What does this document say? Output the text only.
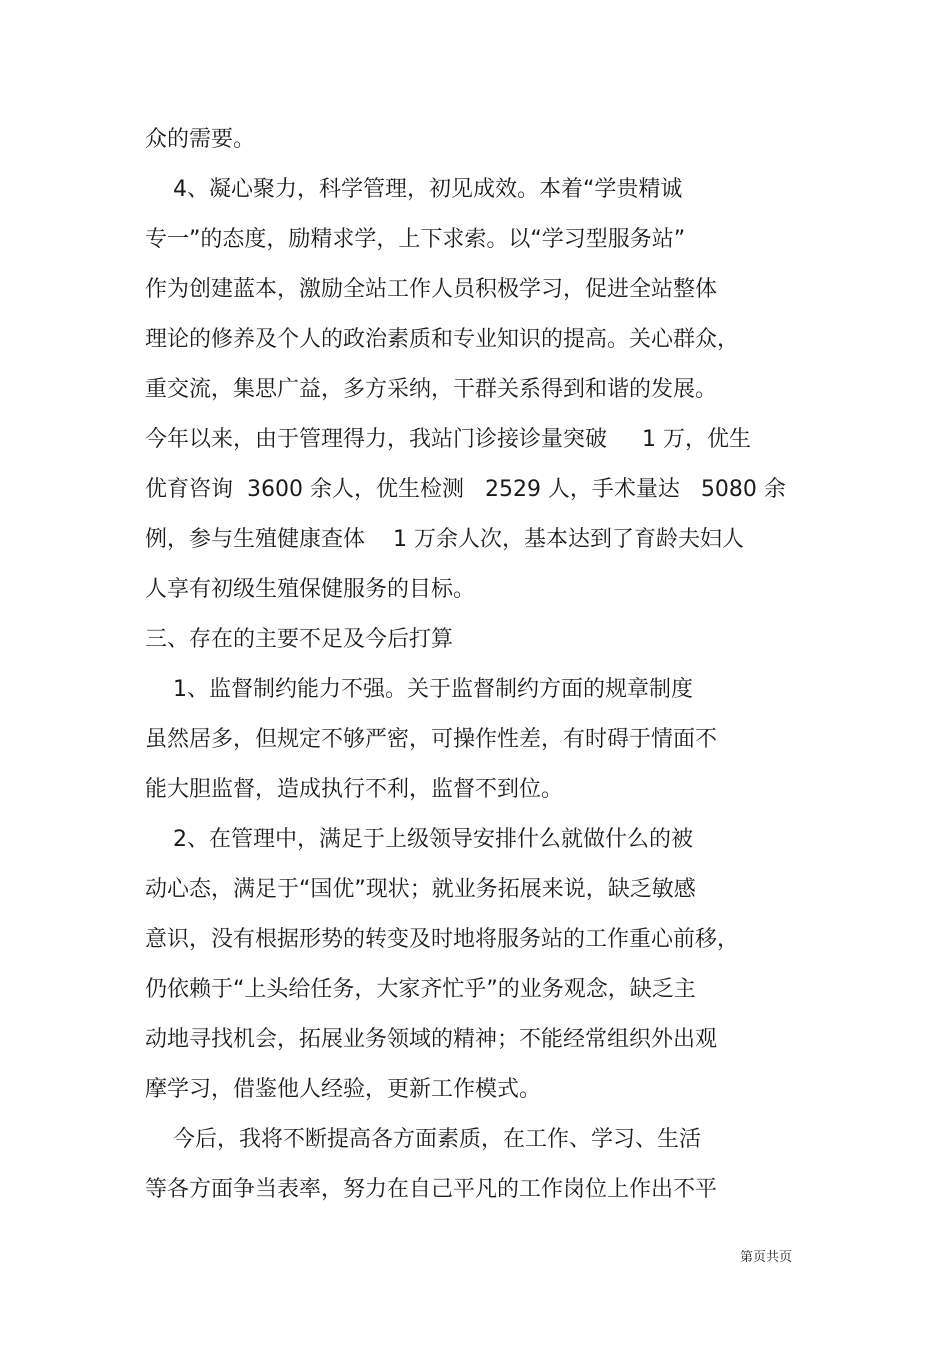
众的需要。
4、凝心聚力，科学管理，初见成效。本着“学贵精诚
专一”的态度，励精求学，上下求索。以“学习型服务站”
作为创建蓝本，激励全站工作人员积极学习，促进全站整体
理论的修养及个人的政治素质和专业知识的提高。关心群众，
重交流，集思广益，多方采纳，干群关系得到和谐的发展。
今年以来，由于管理得力，我站门诊接诊量突破     1 万，优生
优育咨询  3600 余人，优生检测   2529 人，手术量达   5080 余
例，参与生殖健康查体    1 万余人次，基本达到了育龄夫妇人
人享有初级生殖保健服务的目标。
三、存在的主要不足及今后打算
1、监督制约能力不强。关于监督制约方面的规章制度
虽然居多，但规定不够严密，可操作性差，有时碍于情面不
能大胆监督，造成执行不利，监督不到位。
2、在管理中，满足于上级领导安排什么就做什么的被
动心态，满足于“国优”现状；就业务拓展来说，缺乏敏感
意识，没有根据形势的转变及时地将服务站的工作重心前移，
仍依赖于“上头给任务，大家齐忙乎”的业务观念，缺乏主
动地寻找机会，拓展业务领域的精神；不能经常组织外出观
摩学习，借鉴他人经验，更新工作模式。
今后，我将不断提高各方面素质，在工作、学习、生活
等各方面争当表率，努力在自己平凡的工作岗位上作出不平
第页共页
